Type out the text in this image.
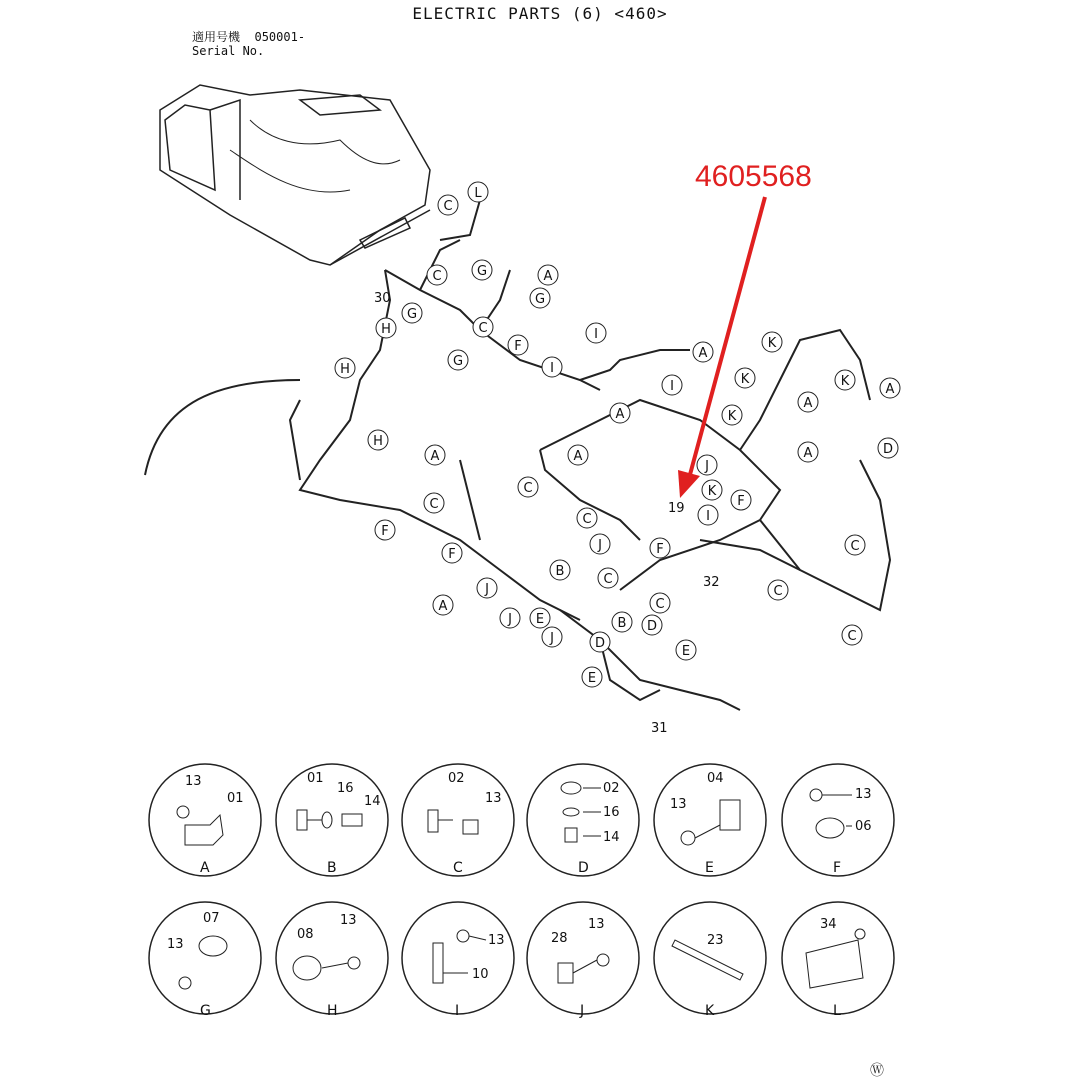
ELECTRIC PARTS (6) <460>
適用号機 050001-
Serial No.
4605568
C
L
C	G	A
G
G
C
F
H
H
G
H
I
I
I
A
A
A	A
C
C
F
F
A
J
J E
B
C
C
J	F
C
J	D
B D
E
E
J
K
F
I
K
K
K
A
A
K
A
D
C
C
C
30
31
32
19
13
01
A
01
16
14
B
02
13
C
02
16
14
D
04
13
E
13
06
F
07
13
G
08
13
H
13
10
I
28
13
J
23
K
34
L
Ⓦ
